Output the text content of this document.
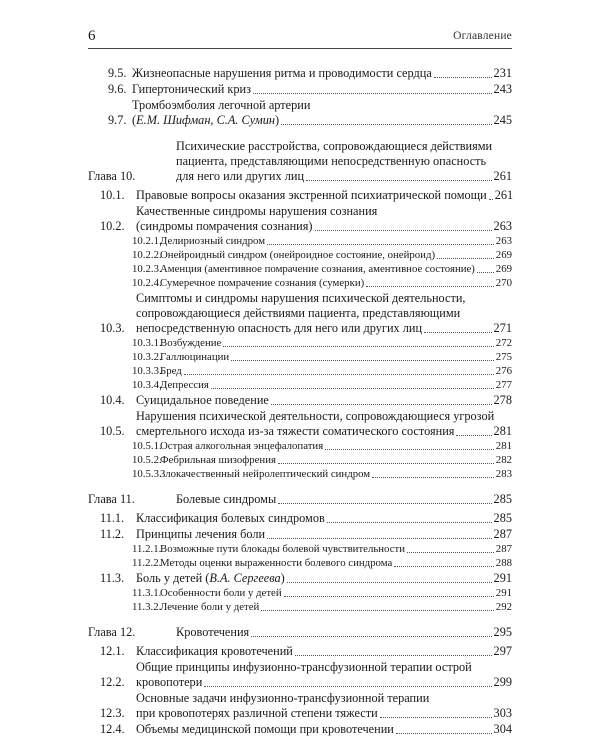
6	Оглавление
9.5. Жизнеопасные нарушения ритма и проводимости сердца	231
9.6. Гипертонический криз	243
9.7.
Тромбоэмболия легочной артерии
(Е.М. Шифман, С.А. Сумин)	245
Глава 10.
Психические расстройства, сопровождающиеся действиями
пациента, представляющими непосредственную опасность
для него или других лиц	261
10.1. Правовые вопросы оказания экстренной психиатрической помощи 261
10.2.
Качественные синдромы нарушения сознания
(синдромы помрачения сознания)	263
10.2.1.
Делириозный синдром	263
10.2.2.
Онейроидный синдром (онейроидное состояние, онейроид)	269
10.2.3.
Аменция (аментивное помрачение сознания, аментивное состояние) 269
10.2.4.
Сумеречное помрачение сознания (сумерки)	270
10.3.
Симптомы и синдромы нарушения психической деятельности,
сопровождающиеся действиями пациента, представляющими
непосредственную опасность для него или других лиц	271
10.3.1.
Возбуждение	272
10.3.2.
Галлюцинации	275
10.3.3.
Бред	276
10.3.4.
Депрессия	277
10.4. Суицидальное поведение	278
10.5.
Нарушения психической деятельности, сопровождающиеся угрозой
смертельного исхода из-за тяжести соматического состояния	281
10.5.1.
Острая алкогольная энцефалопатия	281
10.5.2.
Фебрильная шизофрения	282
10.5.3.
Злокачественный нейролептический синдром	283
Глава 11.	Болевые синдромы	285
11.1. Классификация болевых синдромов	285
11.2. Принципы лечения боли	287
11.2.1.
Возможные пути блокады болевой чувствительности	287
11.2.2.
Методы оценки выраженности болевого синдрома	288
11.3. Боль у детей (В.А. Сергеева)	291
11.3.1.
Особенности боли у детей	291
11.3.2.
Лечение боли у детей	292
Глава 12.	Кровотечения	295
12.1. Классификация кровотечений	297
12.2.
Общие принципы инфузионно-трансфузионной терапии острой
кровопотери	299
12.3.
Основные задачи инфузионно-трансфузионной терапии
при кровопотерях различной степени тяжести	303
12.4. Объемы медицинской помощи при кровотечении	304
